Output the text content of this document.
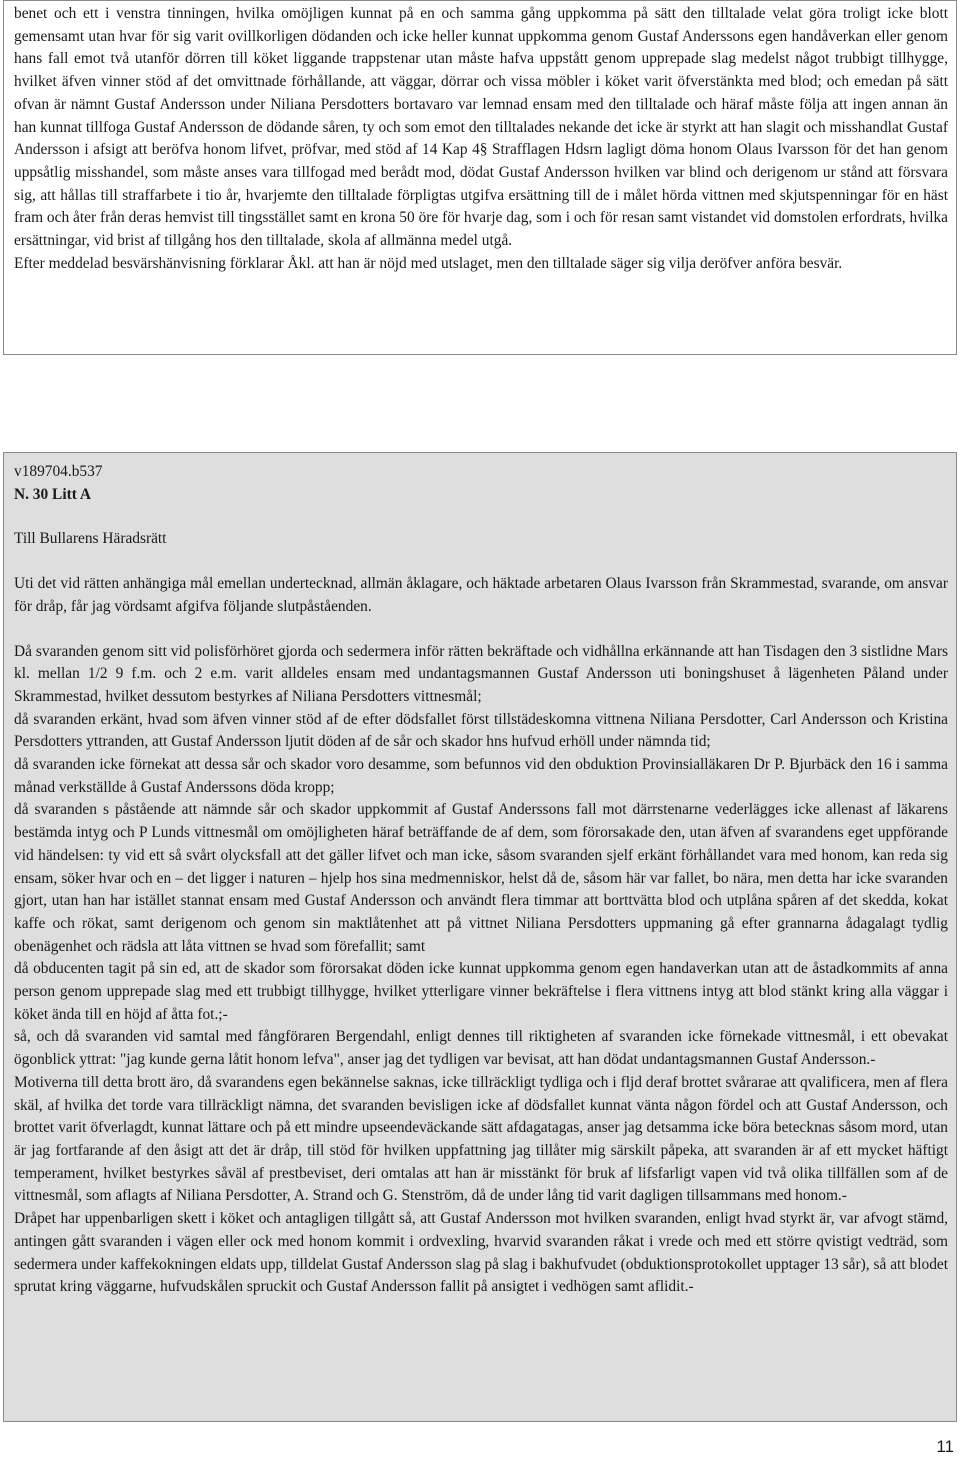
benet och ett i venstra tinningen, hvilka omöjligen kunnat på en och samma gång uppkomma på sätt den tilltalade velat göra troligt icke blott gemensamt utan hvar för sig varit ovillkorligen dödanden och icke heller kunnat uppkomma genom Gustaf Anderssons egen handåverkan eller genom hans fall emot två utanför dörren till köket liggande trappstenar utan måste hafva uppstått genom upprepade slag medelst något trubbigt tillhygge, hvilket äfven vinner stöd af det omvittnade förhållande, att väggar, dörrar och vissa möbler i köket varit öfverstänkta med blod; och emedan på sätt ofvan är nämnt Gustaf Andersson under Niliana Persdotters bortavaro var lemnad ensam med den tilltalade och häraf måste följa att ingen annan än han kunnat tillfoga Gustaf Andersson de dödande såren, ty och som emot den tilltalades nekande det icke är styrkt att han slagit och misshandlat Gustaf Andersson i afsigt att beröfva honom lifvet, pröfvar, med stöd af 14 Kap 4§ Strafflagen Hdsrn lagligt döma honom Olaus Ivarsson för det han genom uppsåtlig misshandel, som måste anses vara tillfogad med berådt mod, dödat Gustaf Andersson hvilken var blind och derigenom ur stånd att försvara sig, att hållas till straffarbete i tio år, hvarjemte den tilltalade förpligtas utgifva ersättning till de i målet hörda vittnen med skjutspenningar för en häst fram och åter från deras hemvist till tingsstället samt en krona 50 öre för hvarje dag, som i och för resan samt vistandet vid domstolen erfordrats, hvilka ersättningar, vid brist af tillgång hos den tilltalade, skola af allmänna medel utgå.

Efter meddelad besvärshänvisning förklarar Åkl. att han är nöjd med utslaget, men den tilltalade säger sig vilja deröfver anföra besvär.

v189704.b537

N. 30 Litt A

Till Bullarens Häradsrätt

Uti det vid rätten anhängiga mål emellan undertecknad, allmän åklagare, och häktade arbetaren Olaus Ivarsson från Skrammestad, svarande, om ansvar för dråp, får jag vördsamt afgifva följande slutpåståenden.

Då svaranden genom sitt vid polisförhöret gjorda och sedermera inför rätten bekräftade och vidhållna erkännande att han Tisdagen den 3 sistlidne Mars kl. mellan 1/2 9 f.m. och 2 e.m. varit alldeles ensam med undantagsmannen Gustaf Andersson uti boningshuset å lägenheten Påland under Skrammestad, hvilket dessutom bestyrkes af Niliana Persdotters vittnesmål;

då svaranden erkänt, hvad som äfven vinner stöd af de efter dödsfallet först tillstädeskomna vittnena Niliana Persdotter, Carl Andersson och Kristina Persdotters yttranden, att Gustaf Andersson ljutit döden af de sår och skador hns hufvud erhöll under nämnda tid;

då svaranden icke förnekat att dessa sår och skador voro desamme, som befunnos vid den obduktion Provinsialläkaren Dr P. Bjurbäck den 16 i samma månad verkställde å Gustaf Anderssons döda kropp;

då svaranden s påstående att nämnde sår och skador uppkommit af Gustaf Anderssons fall mot därrstenarne vederlägges icke allenast af läkarens bestämda intyg och P Lunds vittnesmål om omöjligheten häraf beträffande de af dem, som förorsakade den, utan äfven af svarandens eget uppförande vid händelsen: ty vid ett så svårt olycksfall att det gäller lifvet och man icke, såsom svaranden sjelf erkänt förhållandet vara med honom, kan reda sig ensam, söker hvar och en – det ligger i naturen – hjelp hos sina medmenniskor, helst då de, såsom här var fallet, bo nära, men detta har icke svaranden gjort, utan han har istället stannat ensam med Gustaf Andersson och användt flera timmar att borttvätta blod och utplåna spåren af det skedda, kokat kaffe och rökat, samt derigenom och genom sin maktlåtenhet att på vittnet Niliana Persdotters uppmaning gå efter grannarna ådagalagt tydlig obenägenhet och rädsla att låta vittnen se hvad som förefallit; samt

då obducenten tagit på sin ed, att de skador som förorsakat döden icke kunnat uppkomma genom egen handaverkan utan att de åstadkommits af anna person genom upprepade slag med ett trubbigt tillhygge, hvilket ytterligare vinner bekräftelse i flera vittnens intyg att blod stänkt kring alla väggar i köket ända till en höjd af åtta fot.;-

så, och då svaranden vid samtal med fångföraren Bergendahl, enligt dennes till riktigheten af svaranden icke förnekade vittnesmål, i ett obevakat ögonblick yttrat: "jag kunde gerna låtit honom lefva", anser jag det tydligen var bevisat, att han dödat undantagsmannen Gustaf Andersson.-

Motiverna till detta brott äro, då svarandens egen bekännelse saknas, icke tillräckligt tydliga och i fljd deraf brottet svårarae att qvalificera, men af flera skäl, af hvilka det torde vara tillräckligt nämna, det svaranden bevisligen icke af dödsfallet kunnat vänta någon fördel och att Gustaf Andersson, och brottet varit öfverlagdt, kunnat lättare och på ett mindre upseendeväckande sätt afdagatagas, anser jag detsamma icke böra betecknas såsom mord, utan är jag fortfarande af den åsigt att det är dråp, till stöd för hvilken uppfattning jag tillåter mig särskilt påpeka, att svaranden är af ett mycket häftigt temperament, hvilket bestyrkes såväl af prestbeviset, deri omtalas att han är misstänkt för bruk af lifsfarligt vapen vid två olika tillfällen som af de vittnesmål, som aflagts af Niliana Persdotter, A. Strand och G. Stenström, då de under lång tid varit dagligen tillsammans med honom.-

Dråpet har uppenbarligen skett i köket och antagligen tillgått så, att Gustaf Andersson mot hvilken svaranden, enligt hvad styrkt är, var afvogt stämd, antingen gått svaranden i vägen eller ock med honom kommit i ordvexling, hvarvid svaranden råkat i vrede och med ett större qvistigt vedträd, som sedermera under kaffekokningen eldats upp, tilldelat Gustaf Andersson slag på slag i bakhufvudet (obduktionsprotokollet upptager 13 sår), så att blodet sprutat kring väggarne, hufvudskålen spruckit och Gustaf Andersson fallit på ansigtet i vedhögen samt aflidit.-

11
